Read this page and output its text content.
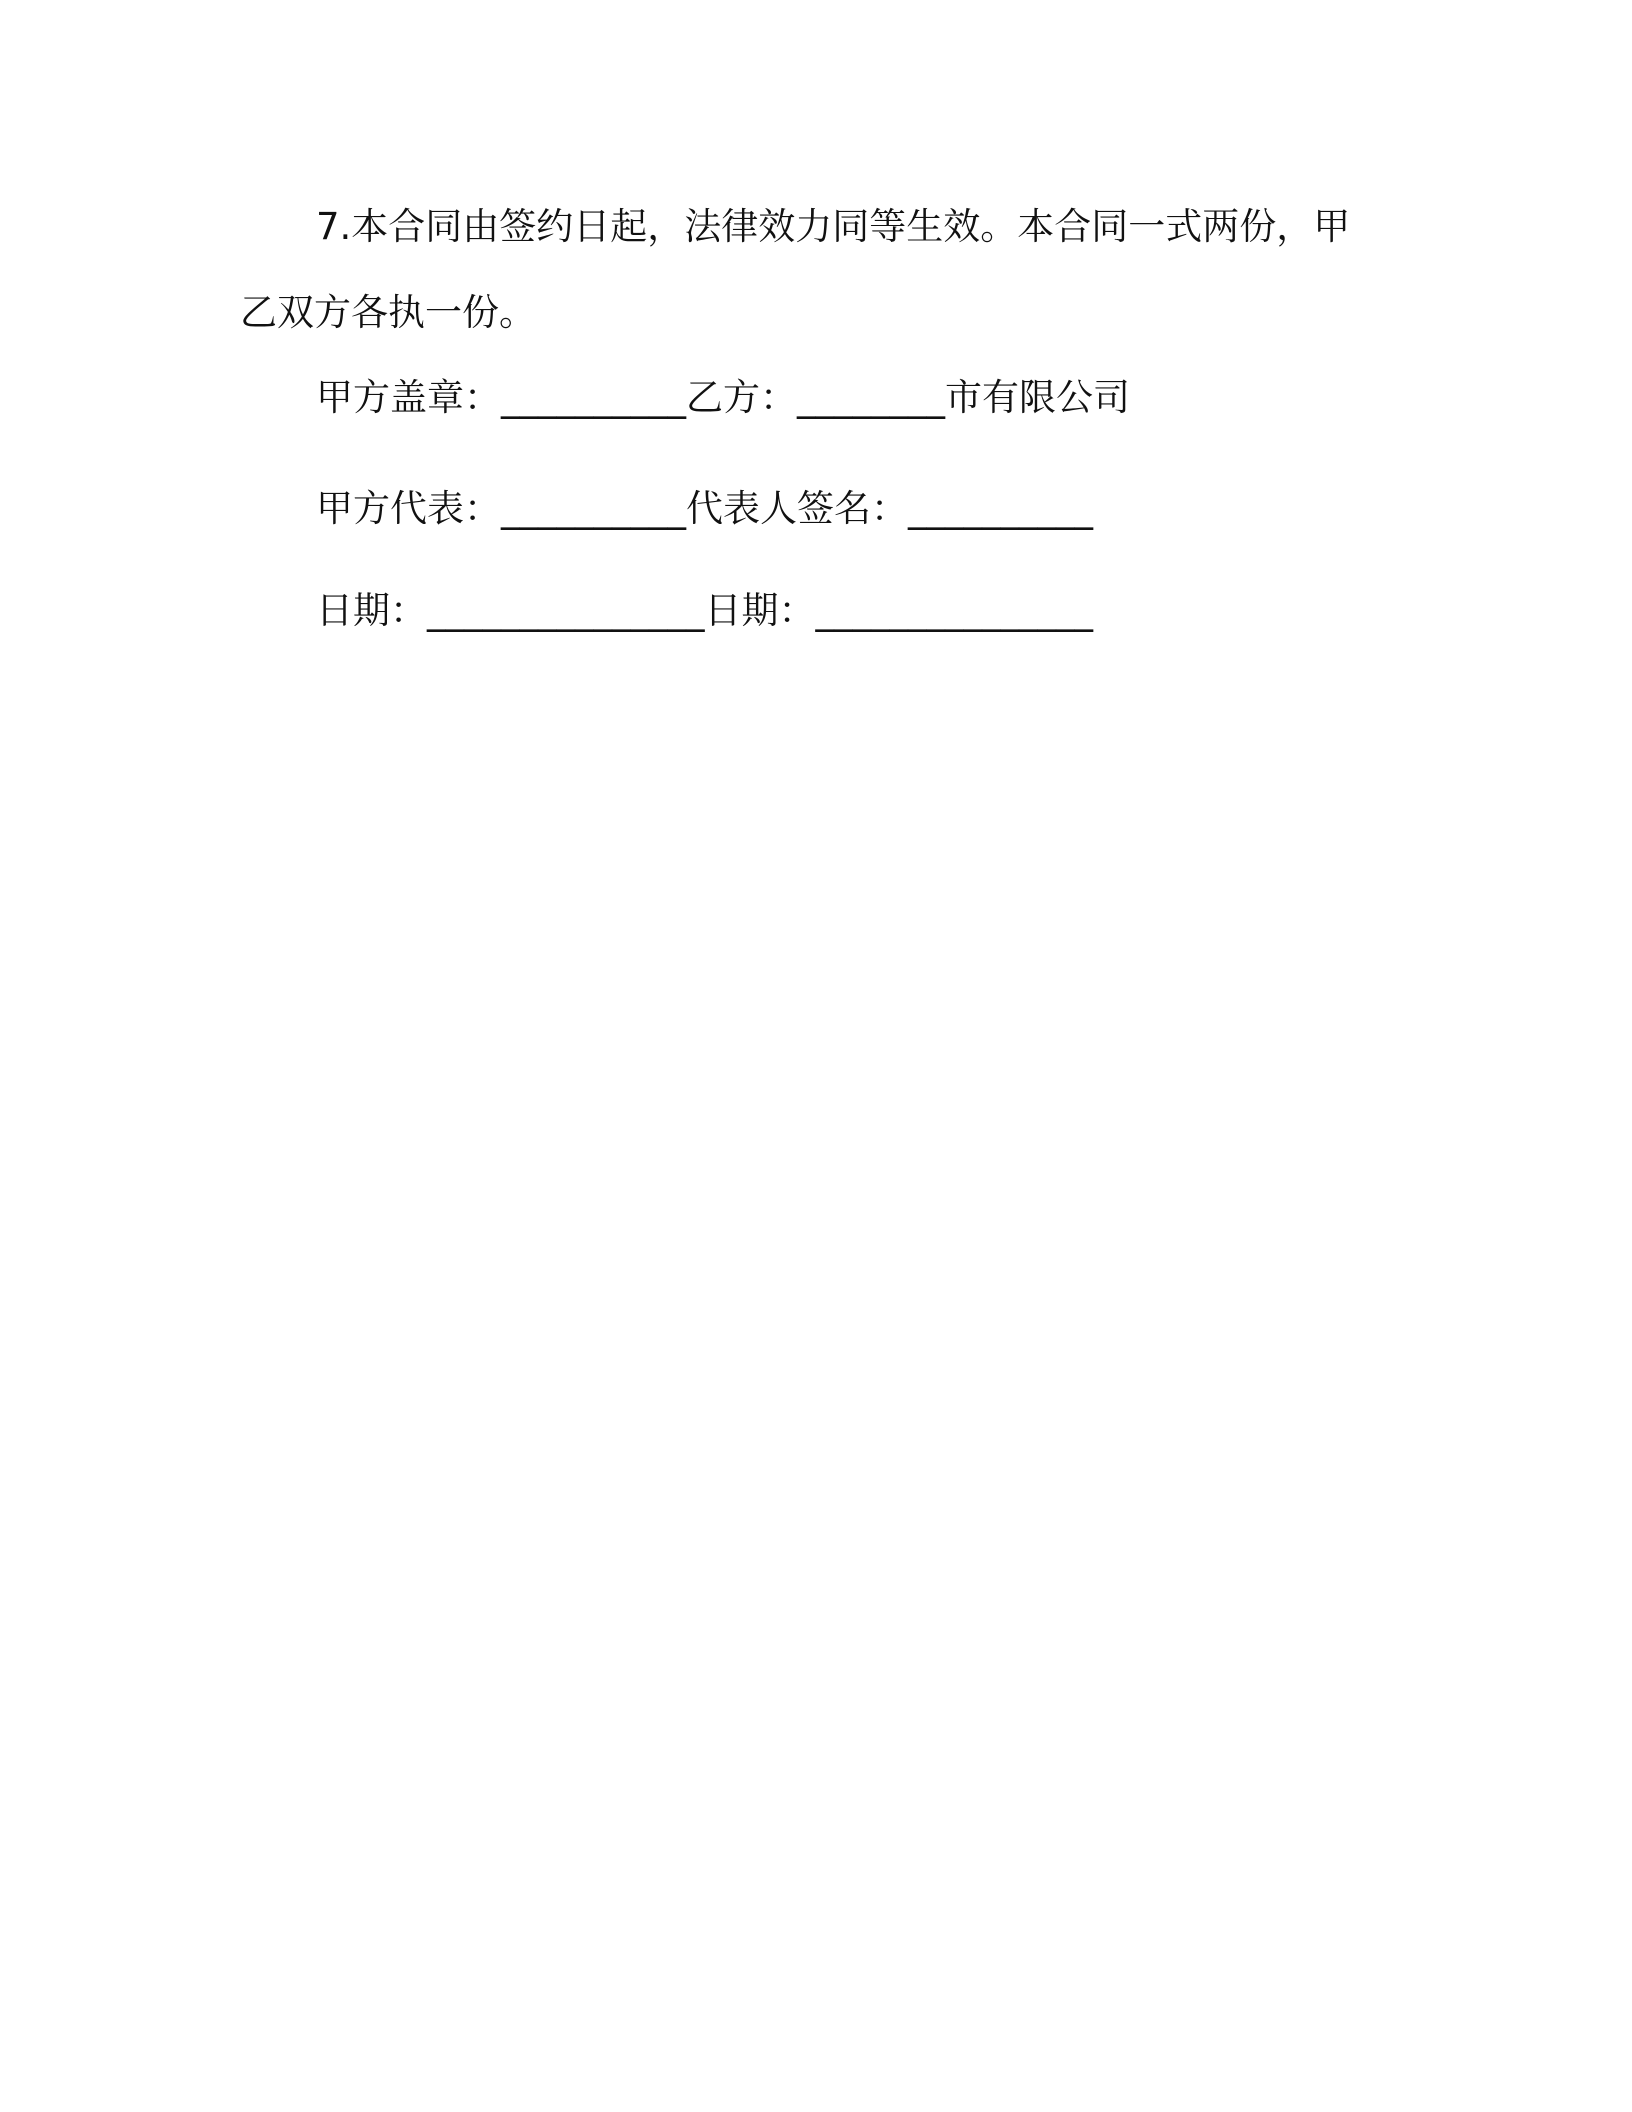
7.本合同由签约日起，法律效力同等生效。本合同一式两份，甲乙双方各执一份。

甲方盖章：__________乙方：________市有限公司

甲方代表：__________代表人签名：__________

日期：_______________日期：_______________
